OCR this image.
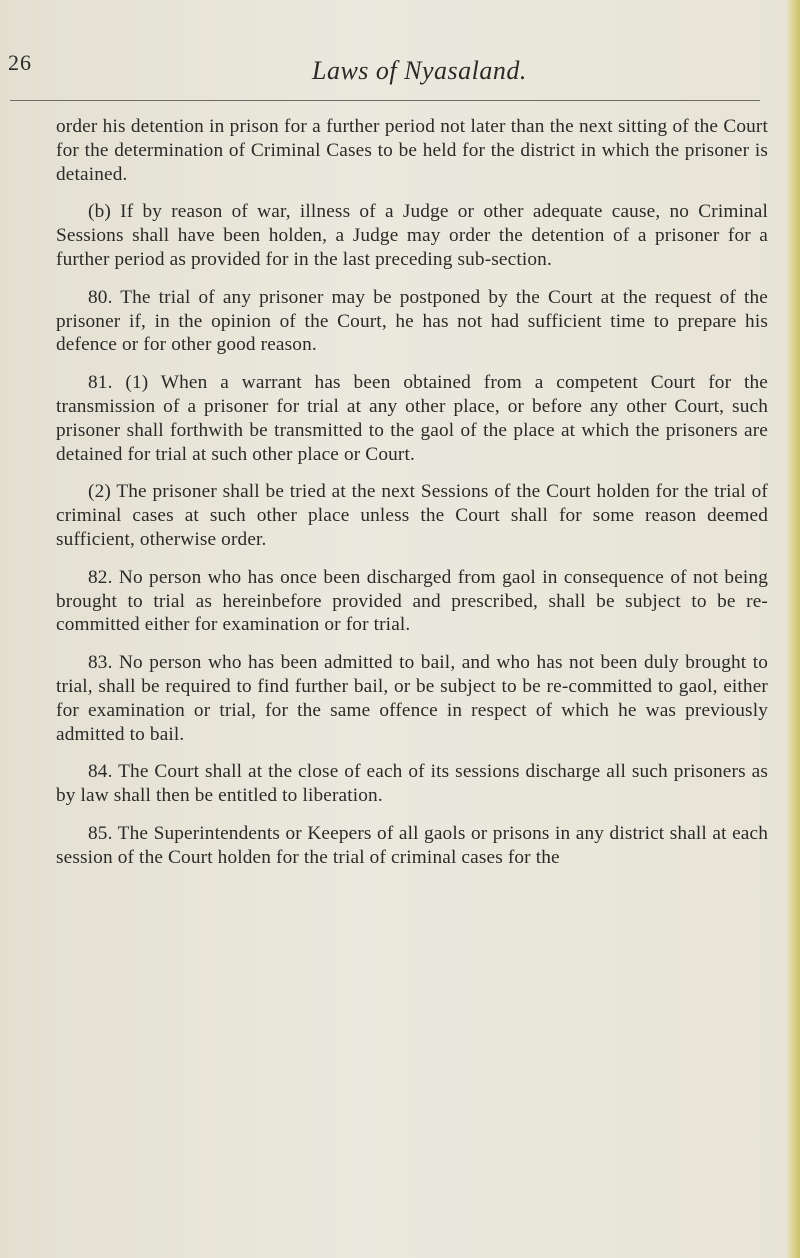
26	Laws of Nyasaland.

order his detention in prison for a further period not later than the next sitting of the Court for the determination of Criminal Cases to be held for the district in which the prisoner is detained.

(b) If by reason of war, illness of a Judge or other adequate cause, no Criminal Sessions shall have been holden, a Judge may order the detention of a prisoner for a further period as provided for in the last preceding sub-section.

80. The trial of any prisoner may be postponed by the Court at the request of the prisoner if, in the opinion of the Court, he has not had sufficient time to prepare his defence or for other good reason.

81. (1) When a warrant has been obtained from a competent Court for the transmission of a prisoner for trial at any other place, or before any other Court, such prisoner shall forthwith be transmitted to the gaol of the place at which the prisoners are detained for trial at such other place or Court.

(2) The prisoner shall be tried at the next Sessions of the Court holden for the trial of criminal cases at such other place unless the Court shall for some reason deemed sufficient, otherwise order.

82. No person who has once been discharged from gaol in consequence of not being brought to trial as hereinbefore provided and prescribed, shall be subject to be re-committed either for examination or for trial.

83. No person who has been admitted to bail, and who has not been duly brought to trial, shall be required to find further bail, or be subject to be re-committed to gaol, either for examination or trial, for the same offence in respect of which he was previously admitted to bail.

84. The Court shall at the close of each of its sessions discharge all such prisoners as by law shall then be entitled to liberation.

85. The Superintendents or Keepers of all gaols or prisons in any district shall at each session of the Court holden for the trial of criminal cases for the
